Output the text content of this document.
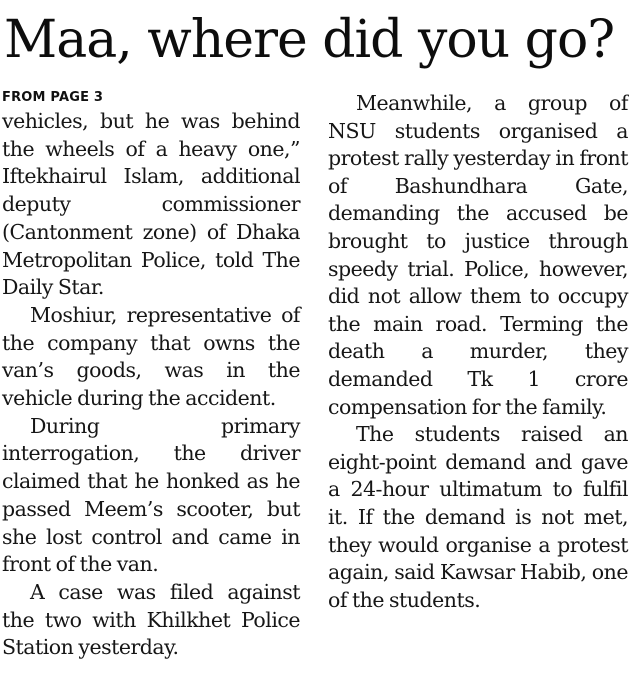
Maa, where did you go?
FROM PAGE 3

vehicles, but he was behind the wheels of a heavy one,” Iftekhairul Islam, additional deputy commissioner (Cantonment zone) of Dhaka Metropolitan Police, told The Daily Star.

Moshiur, representative of the company that owns the van’s goods, was in the vehicle during the accident.

During primary interrogation, the driver claimed that he honked as he passed Meem’s scooter, but she lost control and came in front of the van.

A case was filed against the two with Khilkhet Police Station yesterday.

Meanwhile, a group of NSU students organised a protest rally yesterday in front of Bashundhara Gate, demanding the accused be brought to justice through speedy trial. Police, however, did not allow them to occupy the main road. Terming the death a murder, they demanded Tk 1 crore compensation for the family.

The students raised an eight-point demand and gave a 24-hour ultimatum to fulfil it. If the demand is not met, they would organise a protest again, said Kawsar Habib, one of the students.
